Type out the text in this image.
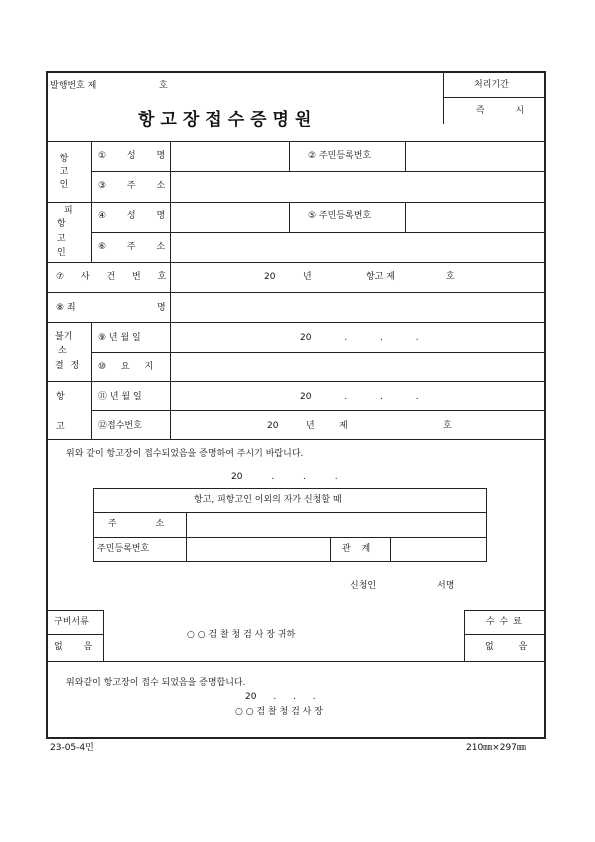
발행번호 제	호	처리기간
즉 시
항고장접수증명원
항
고
인
① 성 명	② 주민등록번호
③ 주 소
피
항
고
인
④ 성 명	⑤ 주민등록번호
⑥ 주 소
⑦ 사 건 번 호	20	년	항고 제	호
⑧ 죄	명
불기
소
결 정
⑨ 년 월 일	20 . . .
⑩ 요 지
항
고
⑪ 년 월 일	20 . . .
⑫접수번호	20	년	제	호
위와 같이 항고장이 접수되었음을 증명하여 주시기 바랍니다.
20 . . .
항고, 피항고인 이외의 자가 신청할 때
주 소
주민등록번호	관 계
신청인	서명
구비서류
없 음
○ ○ 검 찰 청 검 사 장 귀하
수 수 료
없 음
위와같이 항고장이 접수 되었음을 증명합니다.
20 . . .
○ ○ 검 찰 청 검 사 장
23-05-4민	210㎜×297㎜
